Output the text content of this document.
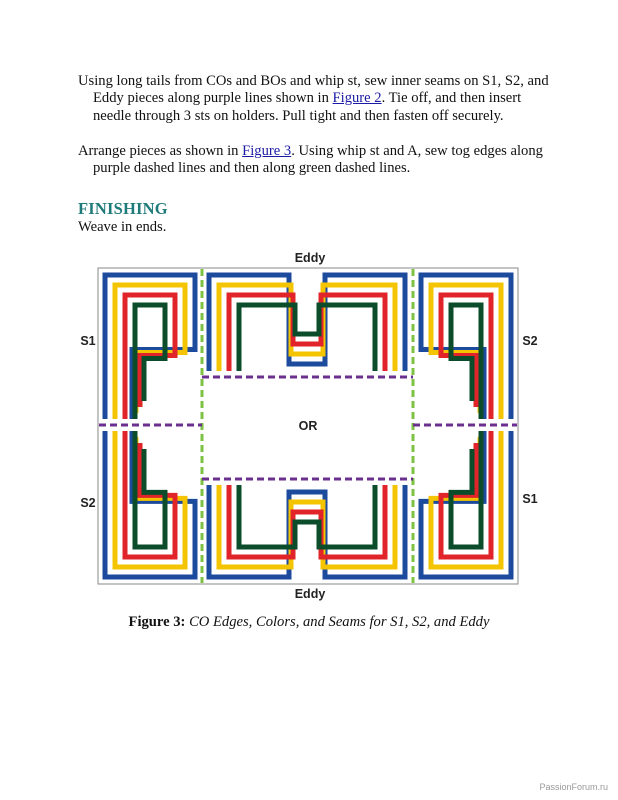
Using long tails from COs and BOs and whip st, sew inner seams on S1, S2, and Eddy pieces along purple lines shown in Figure 2. Tie off, and then insert needle through 3 sts on holders. Pull tight and then fasten off securely.

Arrange pieces as shown in Figure 3. Using whip st and A, sew tog edges along purple dashed lines and then along green dashed lines.

FINISHING

Weave in ends.

Eddy
Eddy
S1
S2
S2
S1
OR

Figure 3: CO Edges, Colors, and Seams for S1, S2, and Eddy

PassionForum.ru
